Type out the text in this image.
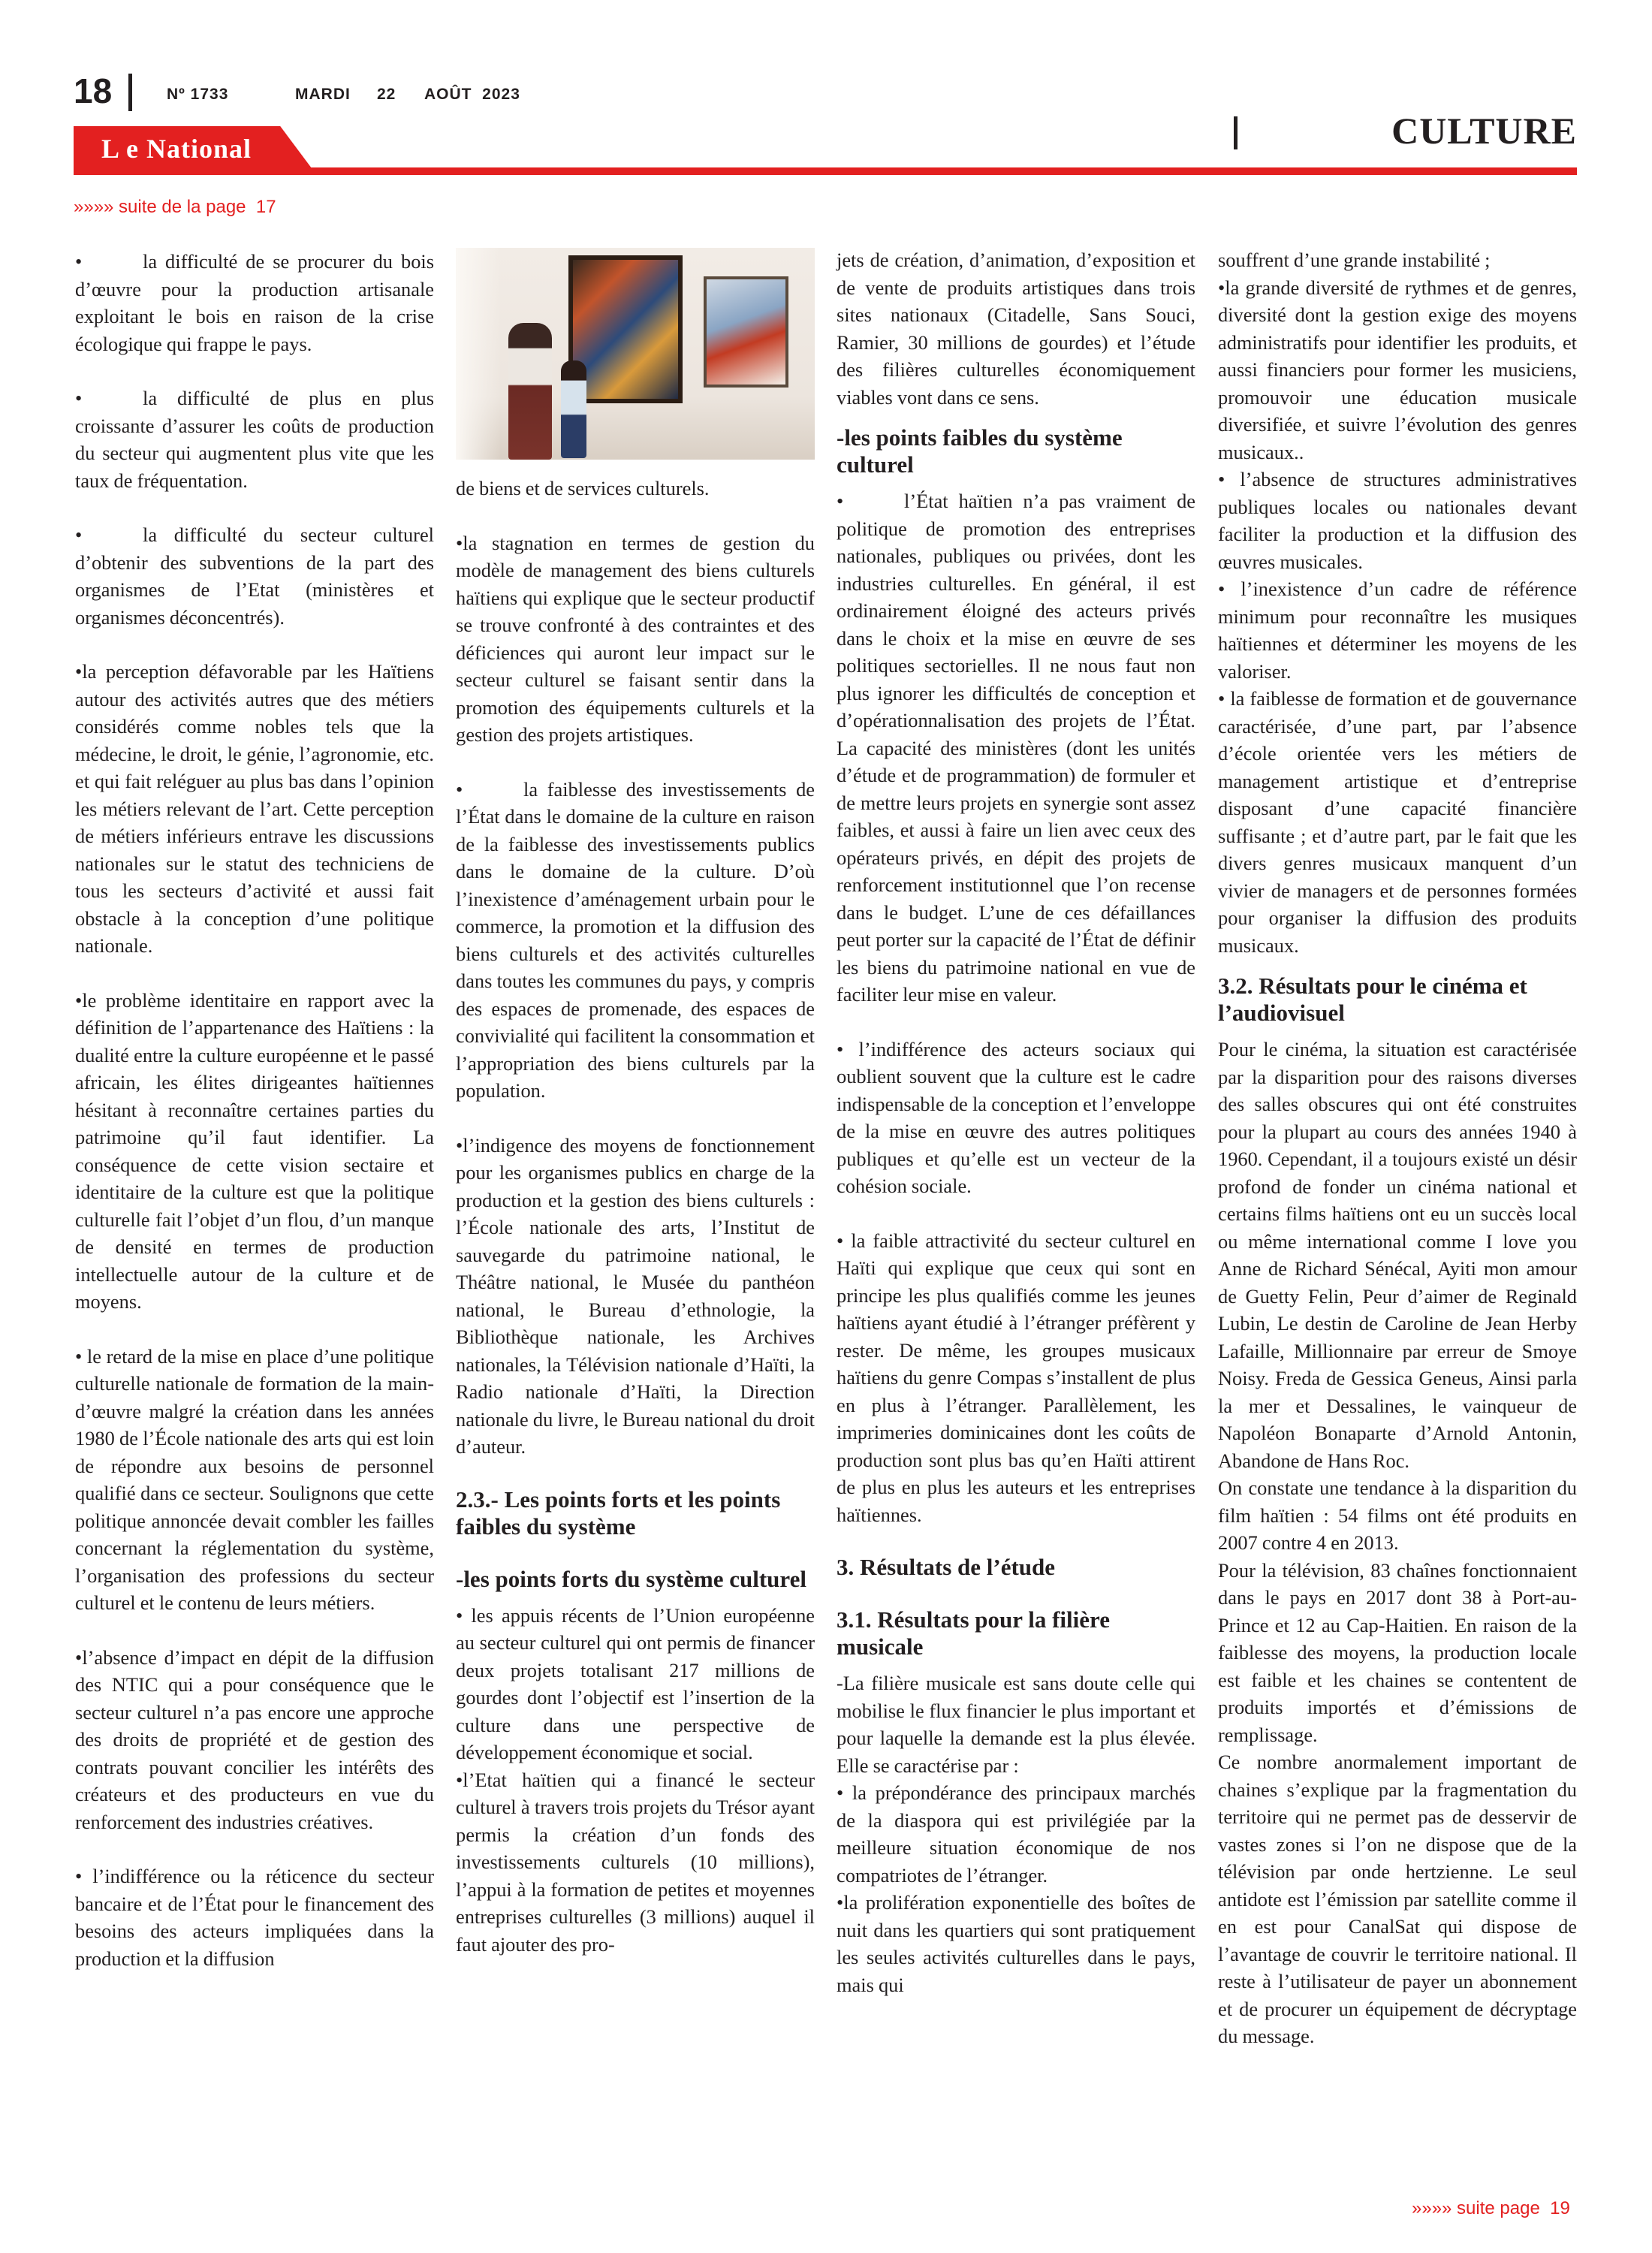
18	Nº 1733	MARDI 22 AOÛT  2023
L e National	CULTURE
»»»» suite de la page  17

•	la difficulté de se procurer du bois d’œuvre pour la production artisanale exploitant le bois en raison de la crise écologique qui frappe le pays.

•	la difficulté de plus en plus croissante d’assurer les coûts de production du secteur qui augmentent plus vite que les taux de fréquentation.

•	la difficulté du secteur culturel d’obtenir des subventions de la part des organismes de l’Etat (ministères et organismes déconcentrés).

•la perception défavorable par les Haïtiens autour des activités autres que des métiers considérés comme nobles tels que la médecine, le droit, le génie, l’agronomie, etc. et qui fait reléguer au plus bas dans l’opinion les métiers relevant de l’art. Cette perception de métiers inférieurs entrave les discussions nationales sur le statut des techniciens de tous les secteurs d’activité et aussi fait obstacle à la conception d’une politique nationale.

•le problème identitaire en rapport avec la définition de l’appartenance des Haïtiens : la dualité entre la culture européenne et le passé africain, les élites dirigeantes haïtiennes hésitant à reconnaître certaines parties du patrimoine qu’il faut identifier. La conséquence de cette vision sectaire et identitaire de la culture est que la politique culturelle fait l’objet d’un flou, d’un manque de densité en termes de production intellectuelle autour de la culture et de moyens.

• le retard de la mise en place d’une politique culturelle nationale de formation de la main-d’œuvre malgré la création dans les années 1980 de l’École nationale des arts qui est loin de répondre aux besoins de personnel qualifié dans ce secteur. Soulignons que cette politique annoncée devait combler les failles concernant la réglementation du système, l’organisation des professions du secteur culturel et le contenu de leurs métiers.

•l’absence d’impact en dépit de la diffusion des NTIC qui a pour conséquence que le secteur culturel n’a pas encore une approche des droits de propriété et de gestion des contrats pouvant concilier les intérêts des créateurs et des producteurs en vue du renforcement des industries créatives.

• l’indifférence ou la réticence du secteur bancaire et de l’État pour le financement des besoins des acteurs impliquées dans la production et la diffusion

de biens et de services culturels.

•la stagnation en termes de gestion du modèle de management des biens culturels haïtiens qui explique que le secteur productif se trouve confronté à des contraintes et des déficiences qui auront leur impact sur le secteur culturel se faisant sentir dans la promotion des équipements culturels et la gestion des projets artistiques.

•	la faiblesse des investissements de l’État dans le domaine de la culture en raison de la faiblesse des investissements publics dans le domaine de la culture. D’où l’inexistence d’aménagement urbain pour le commerce, la promotion et la diffusion des biens culturels et des activités culturelles dans toutes les communes du pays, y compris des espaces de promenade, des espaces de convivialité qui facilitent la consommation et l’appropriation des biens culturels par la population.

•l’indigence des moyens de fonctionnement pour les organismes publics en charge de la production et la gestion des biens culturels : l’École nationale des arts, l’Institut de sauvegarde du patrimoine national, le Théâtre national, le Musée du panthéon national, le Bureau d’ethnologie, la Bibliothèque nationale, les Archives nationales, la Télévision nationale d’Haïti, la Radio nationale d’Haïti, la Direction nationale du livre, le Bureau national du droit d’auteur.

2.3.- Les points forts et les points faibles du système
-les points forts du système culturel

• les appuis récents de l’Union européenne au secteur culturel qui ont permis de financer deux projets totalisant 217 millions de gourdes dont l’objectif est l’insertion de la culture dans une perspective de développement économique et social.

•l’Etat haïtien qui a financé le secteur culturel à travers trois projets du Trésor ayant permis la création d’un fonds des investissements culturels (10 millions), l’appui à la formation de petites et moyennes entreprises culturelles (3 millions) auquel il faut ajouter des pro-

jets de création, d’animation, d’exposition et de vente de produits artistiques dans trois sites nationaux (Citadelle, Sans Souci, Ramier, 30 millions de gourdes) et l’étude des filières culturelles économiquement viables vont dans ce sens.

-les points faibles du système culturel

•	l’État haïtien n’a pas vraiment de politique de promotion des entreprises nationales, publiques ou privées, dont les industries culturelles. En général, il est ordinairement éloigné des acteurs privés dans le choix et la mise en œuvre de ses politiques sectorielles. Il ne nous faut non plus ignorer les difficultés de conception et d’opérationnalisation des projets de l’État. La capacité des ministères (dont les unités d’étude et de programmation) de formuler et de mettre leurs projets en synergie sont assez faibles, et aussi à faire un lien avec ceux des opérateurs privés, en dépit des projets de renforcement institutionnel que l’on recense dans le budget. L’une de ces défaillances peut porter sur la capacité de l’État de définir les biens du patrimoine national en vue de faciliter leur mise en valeur.

• l’indifférence des acteurs sociaux qui oublient souvent que la culture est le cadre indispensable de la conception et l’enveloppe de la mise en œuvre des autres politiques publiques et qu’elle est un vecteur de la cohésion sociale.

• la faible attractivité du secteur culturel en Haïti qui explique que ceux qui sont en principe les plus qualifiés comme les jeunes haïtiens ayant étudié à l’étranger préfèrent y rester. De même, les groupes musicaux haïtiens du genre Compas s’installent de plus en plus à l’étranger. Parallèlement, les imprimeries dominicaines dont les coûts de production sont plus bas qu’en Haïti attirent de plus en plus les auteurs et les entreprises haïtiennes.

3. Résultats de l’étude
3.1. Résultats pour la filière musicale

-La filière musicale est sans doute celle qui mobilise le flux financier le plus important et pour laquelle la demande est la plus élevée. Elle se caractérise par :

• la prépondérance des principaux marchés de la diaspora qui est privilégiée par la meilleure situation économique de nos compatriotes de l’étranger.

•la prolifération exponentielle des boîtes de nuit dans les quartiers qui sont pratiquement les seules activités culturelles dans le pays, mais qui

souffrent d’une grande instabilité ;

•la grande diversité de rythmes et de genres, diversité dont la gestion exige des moyens administratifs pour identifier les produits, et aussi financiers pour former les musiciens, promouvoir une éducation musicale diversifiée, et suivre l’évolution des genres musicaux..

• l’absence de structures administratives publiques locales ou nationales devant faciliter la production et la diffusion des œuvres musicales.

• l’inexistence d’un cadre de référence minimum pour reconnaître les musiques haïtiennes et déterminer les moyens de les valoriser.

• la faiblesse de formation et de gouvernance caractérisée, d’une part, par l’absence d’école orientée vers les métiers de management artistique et d’entreprise disposant d’une capacité financière suffisante ; et d’autre part, par le fait que les divers genres musicaux manquent d’un vivier de managers et de personnes formées pour organiser la diffusion des produits musicaux.

3.2. Résultats pour le cinéma et l’audiovisuel

Pour le cinéma, la situation est caractérisée par la disparition pour des raisons diverses des salles obscures qui ont été construites pour la plupart au cours des années 1940 à 1960. Cependant, il a toujours existé un désir profond de fonder un cinéma national et certains films haïtiens ont eu un succès local ou même international comme I love you Anne de Richard Sénécal, Ayiti mon amour de Guetty Felin, Peur d’aimer de Reginald Lubin, Le destin de Caroline de Jean Herby Lafaille, Millionnaire par erreur de Smoye Noisy. Freda de Gessica Geneus, Ainsi parla la mer et Dessalines, le vainqueur de Napoléon Bonaparte d’Arnold Antonin, Abandone de Hans Roc.

On constate une tendance à la disparition du film haïtien : 54 films ont été produits en 2007 contre 4 en 2013.

Pour la télévision, 83 chaînes fonctionnaient dans le pays en 2017 dont 38 à Port-au-Prince et 12 au Cap-Haitien. En raison de la faiblesse des moyens, la production locale est faible et les chaines se contentent de produits importés et d’émissions de remplissage.

Ce nombre anormalement important de chaines s’explique par la fragmentation du territoire qui ne permet pas de desservir de vastes zones si l’on ne dispose que de la télévision par onde hertzienne. Le seul antidote est l’émission par satellite comme il en est pour CanalSat qui dispose de l’avantage de couvrir le territoire national. Il reste à l’utilisateur de payer un abonnement et de procurer un équipement de décryptage du message.

»»»» suite page  19
